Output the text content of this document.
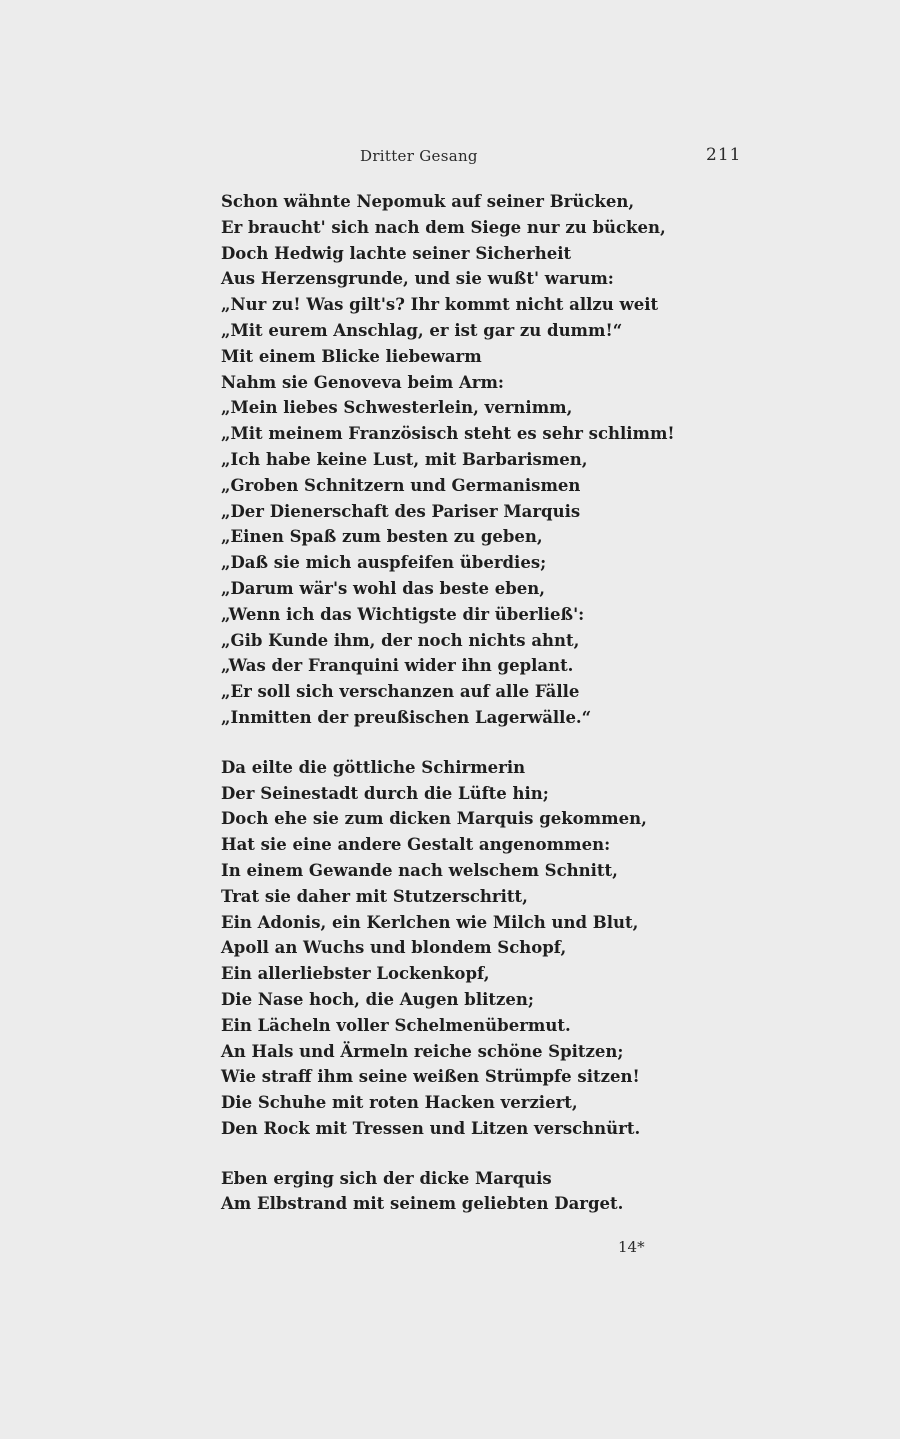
Dritter Gesang	211
Schon wähnte Nepomuk auf seiner Brücken,
Er braucht' sich nach dem Siege nur zu bücken,
Doch Hedwig lachte seiner Sicherheit
Aus Herzensgrunde, und sie wußt' warum:
„Nur zu! Was gilt's? Ihr kommt nicht allzu weit
„Mit eurem Anschlag, er ist gar zu dumm!“
Mit einem Blicke liebewarm
Nahm sie Genoveva beim Arm:
„Mein liebes Schwesterlein, vernimm,
„Mit meinem Französisch steht es sehr schlimm!
„Ich habe keine Lust, mit Barbarismen,
„Groben Schnitzern und Germanismen
„Der Dienerschaft des Pariser Marquis
„Einen Spaß zum besten zu geben,
„Daß sie mich auspfeifen überdies;
„Darum wär's wohl das beste eben,
„Wenn ich das Wichtigste dir überließ':
„Gib Kunde ihm, der noch nichts ahnt,
„Was der Franquini wider ihn geplant.
„Er soll sich verschanzen auf alle Fälle
„Inmitten der preußischen Lagerwälle.“
Da eilte die göttliche Schirmerin
Der Seinestadt durch die Lüfte hin;
Doch ehe sie zum dicken Marquis gekommen,
Hat sie eine andere Gestalt angenommen:
In einem Gewande nach welschem Schnitt,
Trat sie daher mit Stutzerschritt,
Ein Adonis, ein Kerlchen wie Milch und Blut,
Apoll an Wuchs und blondem Schopf,
Ein allerliebster Lockenkopf,
Die Nase hoch, die Augen blitzen;
Ein Lächeln voller Schelmenübermut.
An Hals und Ärmeln reiche schöne Spitzen;
Wie straff ihm seine weißen Strümpfe sitzen!
Die Schuhe mit roten Hacken verziert,
Den Rock mit Tressen und Litzen verschnürt.
Eben erging sich der dicke Marquis
Am Elbstrand mit seinem geliebten Darget.
14*
